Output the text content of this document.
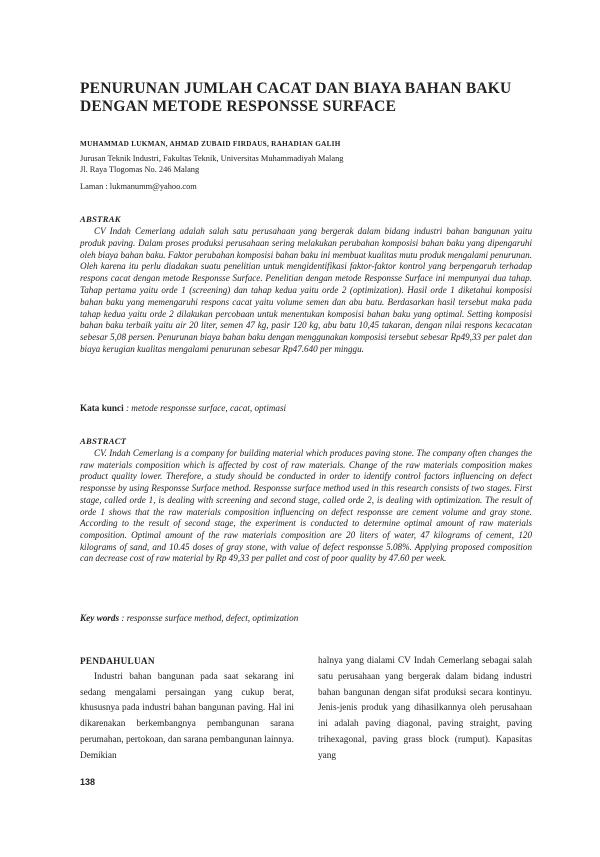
PENURUNAN JUMLAH CACAT DAN BIAYA BAHAN BAKU DENGAN METODE RESPONSSE SURFACE
MUHAMMAD LUKMAN, AHMAD ZUBAID FIRDAUS, RAHADIAN GALIH
Jurusan Teknik Industri, Fakultas Teknik, Universitas Muhammadiyah Malang
Jl. Raya Tlogomas No. 246 Malang
Laman : lukmanumm@yahoo.com
ABSTRAK

CV Indah Cemerlang adalah salah satu perusahaan yang bergerak dalam bidang industri bahan bangunan yaitu produk paving. Dalam proses produksi perusahaan sering melakukan perubahan komposisi bahan baku yang dipengaruhi oleh biaya bahan baku. Faktor perubahan komposisi bahan baku ini membuat kualitas mutu produk mengalami penurunan. Oleh karena itu perlu diadakan suatu penelitian untuk mengidentifikasi faktor-faktor kontrol yang berpengaruh terhadap respons cacat dengan metode Responsse Surface. Penelitian dengan metode Responsse Surface ini mempunyai dua tahap. Tahap pertama yaitu orde 1 (screening) dan tahap kedua yaitu orde 2 (optimization). Hasil orde 1 diketahui komposisi bahan baku yang memengaruhi respons cacat yaitu volume semen dan abu batu. Berdasarkan hasil tersebut maka pada tahap kedua yaitu orde 2 dilakukan percobaan untuk menentukan komposisi bahan baku yang optimal. Setting komposisi bahan baku terbaik yaitu air 20 liter, semen 47 kg, pasir 120 kg, abu batu 10,45 takaran, dengan nilai respons kecacatan sebesar 5,08 persen. Penurunan biaya bahan baku dengan menggunakan komposisi tersebut sebesar Rp49,33 per palet dan biaya kerugian kualitas mengalami penurunan sebesar Rp47.640 per minggu.

Kata kunci : metode responsse surface, cacat, optimasi
ABSTRACT

CV. Indah Cemerlang is a company for building material which produces paving stone. The company often changes the raw materials composition which is affected by cost of raw materials. Change of the raw materials composition makes product quality lower. Therefore, a study should be conducted in order to identify control factors influencing on defect responsse by using Responsse Surface method. Responsse surface method used in this research consists of two stages. First stage, called orde 1, is dealing with screening and second stage, called orde 2, is dealing with optimization. The result of orde 1 shows that the raw materials composition influencing on defect responsse are cement volume and gray stone. According to the result of second stage, the experiment is conducted to determine optimal amount of raw materials composition. Optimal amount of the raw materials composition are 20 liters of water, 47 kilograms of cement, 120 kilograms of sand, and 10.45 doses of gray stone, with value of defect responsse 5.08%. Applying proposed composition can decrease cost of raw material by Rp 49,33 per pallet and cost of poor quality by 47.60 per week.

Key words : responsse surface method, defect, optimization

PENDAHULUAN

Industri bahan bangunan pada saat sekarang ini sedang mengalami persaingan yang cukup berat, khususnya pada industri bahan bangunan paving. Hal ini dikarenakan berkembangnya pembangunan sarana perumahan, pertokoan, dan sarana pembangunan lainnya. Demikian

halnya yang dialami CV Indah Cemerlang sebagai salah satu perusahaan yang bergerak dalam bidang industri bahan bangunan dengan sifat produksi secara kontinyu. Jenis-jenis produk yang dihasilkannya oleh perusahaan ini adalah paving diagonal, paving straight, paving trihexagonal, paving grass block (rumput). Kapasitas yang

138
